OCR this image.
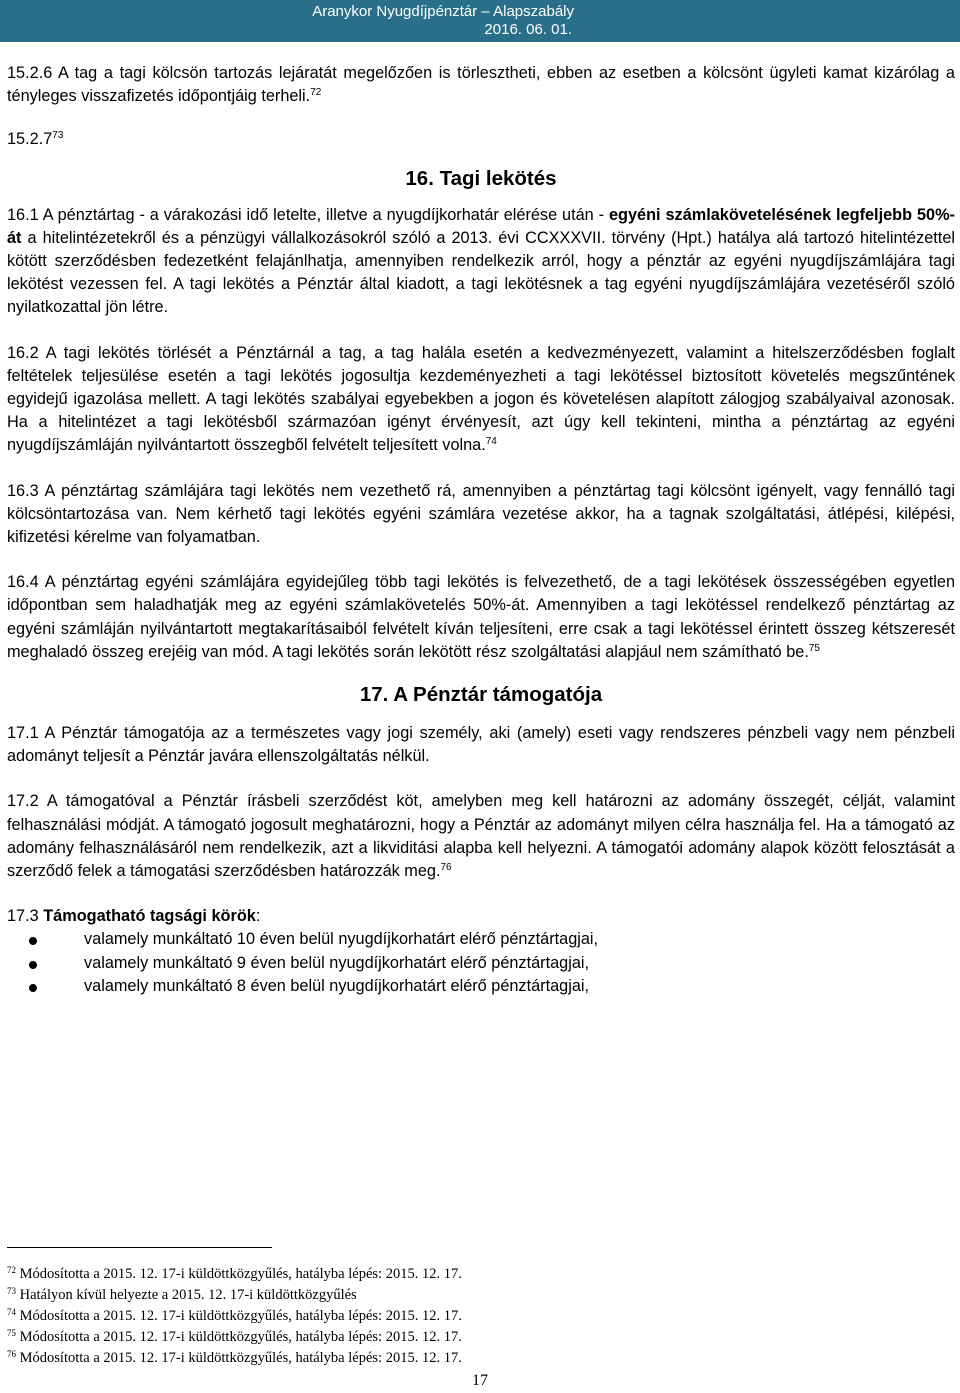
Aranykor Nyugdíjpénztár – Alapszabály
2016. 06. 01.

15.2.6 A tag a tagi kölcsön tartozás lejáratát megelőzően is törlesztheti, ebben az esetben a kölcsönt ügyleti kamat kizárólag a tényleges visszafizetés időpontjáig terheli.$^{72}$

15.2.7$^{73}$

16. Tagi lekötés

16.1 A pénztártag - a várakozási idő letelte, illetve a nyugdíjkorhatár elérése után - egyéni számlakövetelésének legfeljebb 50%-át a hitelintézetekről és a pénzügyi vállalkozásokról szóló a 2013. évi CCXXXVII. törvény (Hpt.) hatálya alá tartozó hitelintézettel kötött szerződésben fedezetként felajánlhatja, amennyiben rendelkezik arról, hogy a pénztár az egyéni nyugdíjszámlájára tagi lekötést vezessen fel. A tagi lekötés a Pénztár által kiadott, a tagi lekötésnek a tag egyéni nyugdíjszámlájára vezetéséről szóló nyilatkozattal jön létre.

16.2 A tagi lekötés törlését a Pénztárnál a tag, a tag halála esetén a kedvezményezett, valamint a hitelszerződésben foglalt feltételek teljesülése esetén a tagi lekötés jogosultja kezdeményezheti a tagi lekötéssel biztosított követelés megszűntének egyidejű igazolása mellett. A tagi lekötés szabályai egyebekben a jogon és követelésen alapított zálogjog szabályaival azonosak. Ha a hitelintézet a tagi lekötésből származóan igényt érvényesít, azt úgy kell tekinteni, mintha a pénztártag az egyéni nyugdíjszámláján nyilvántartott összegből felvételt teljesített volna.$^{74}$

16.3 A pénztártag számlájára tagi lekötés nem vezethető rá, amennyiben a pénztártag tagi kölcsönt igényelt, vagy fennálló tagi kölcsöntartozása van. Nem kérhető tagi lekötés egyéni számlára vezetése akkor, ha a tagnak szolgáltatási, átlépési, kilépési, kifizetési kérelme van folyamatban.

16.4 A pénztártag egyéni számlájára egyidejűleg több tagi lekötés is felvezethető, de a tagi lekötések összességében egyetlen időpontban sem haladhatják meg az egyéni számlakövetelés 50%-át. Amennyiben a tagi lekötéssel rendelkező pénztártag az egyéni számláján nyilvántartott megtakarításaiból felvételt kíván teljesíteni, erre csak a tagi lekötéssel érintett összeg kétszeresét meghaladó összeg erejéig van mód. A tagi lekötés során lekötött rész szolgáltatási alapjául nem számítható be.$^{75}$

17. A Pénztár támogatója

17.1 A Pénztár támogatója az a természetes vagy jogi személy, aki (amely) eseti vagy rendszeres pénzbeli vagy nem pénzbeli adományt teljesít a Pénztár javára ellenszolgáltatás nélkül.

17.2 A támogatóval a Pénztár írásbeli szerződést köt, amelyben meg kell határozni az adomány összegét, célját, valamint felhasználási módját. A támogató jogosult meghatározni, hogy a Pénztár az adományt milyen célra használja fel. Ha a támogató az adomány felhasználásáról nem rendelkezik, azt a likviditási alapba kell helyezni. A támogatói adomány alapok között felosztását a szerződő felek a támogatási szerződésben határozzák meg.$^{76}$

17.3 Támogatható tagsági körök:

valamely munkáltató 10 éven belül nyugdíjkorhatárt elérő pénztártagjai,
valamely munkáltató 9 éven belül nyugdíjkorhatárt elérő pénztártagjai,
valamely munkáltató 8 éven belül nyugdíjkorhatárt elérő pénztártagjai,
$^{72}$ Módosította a 2015. 12. 17-i küldöttközgyűlés, hatályba lépés: 2015. 12. 17.
$^{73}$ Hatályon kívül helyezte a 2015. 12. 17-i küldöttközgyűlés
$^{74}$ Módosította a 2015. 12. 17-i küldöttközgyűlés, hatályba lépés: 2015. 12. 17.
$^{75}$ Módosította a 2015. 12. 17-i küldöttközgyűlés, hatályba lépés: 2015. 12. 17.
$^{76}$ Módosította a 2015. 12. 17-i küldöttközgyűlés, hatályba lépés: 2015. 12. 17.
17
